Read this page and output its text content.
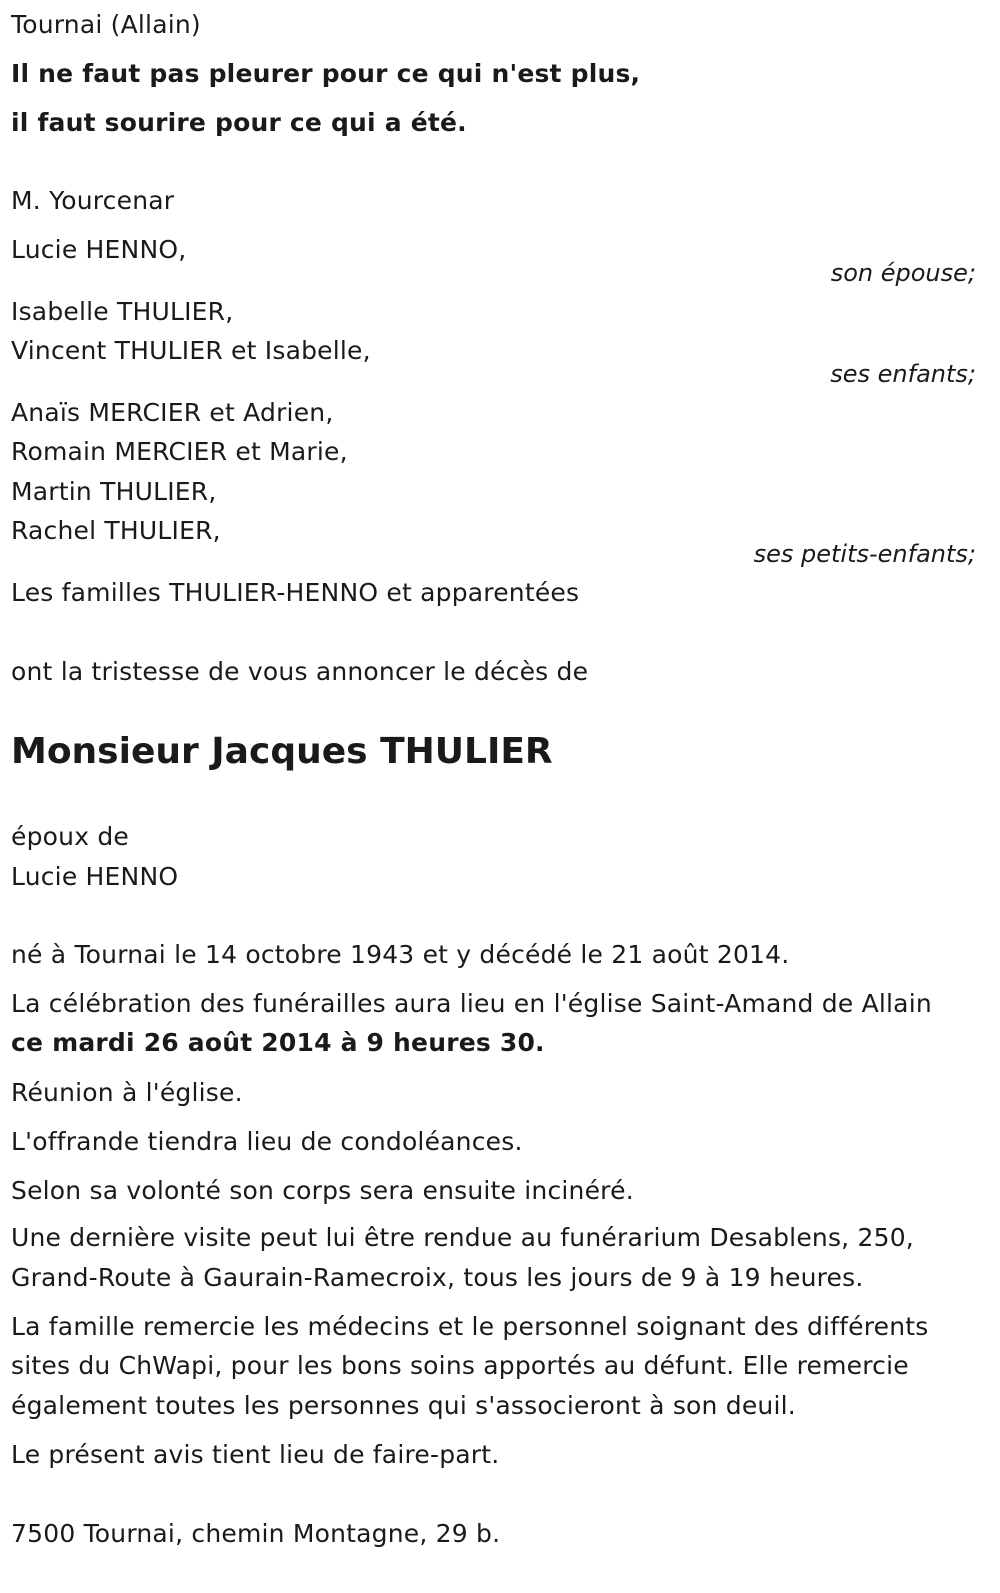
Tournai (Allain)
Il ne faut pas pleurer pour ce qui n'est plus,
il faut sourire pour ce qui a été.
M. Yourcenar
Lucie HENNO,
son épouse;
Isabelle THULIER,
Vincent THULIER et Isabelle,
ses enfants;
Anaïs MERCIER et Adrien,
Romain MERCIER et Marie,
Martin THULIER,
Rachel THULIER,
ses petits-enfants;
Les familles THULIER-HENNO et apparentées
ont la tristesse de vous annoncer le décès de
Monsieur Jacques THULIER
époux de
Lucie HENNO
né à Tournai le 14 octobre 1943 et y décédé le 21 août 2014.
La célébration des funérailles aura lieu en l'église Saint-Amand de Allain
ce mardi 26 août 2014 à 9 heures 30.
Réunion à l'église.
L'offrande tiendra lieu de condoléances.
Selon sa volonté son corps sera ensuite incinéré.
Une dernière visite peut lui être rendue au funérarium Desablens, 250,
Grand-Route à Gaurain-Ramecroix, tous les jours de 9 à 19 heures.
La famille remercie les médecins et le personnel soignant des différents
sites du ChWapi, pour les bons soins apportés au défunt. Elle remercie
également toutes les personnes qui s'associeront à son deuil.
Le présent avis tient lieu de faire-part.
7500 Tournai, chemin Montagne, 29 b.
